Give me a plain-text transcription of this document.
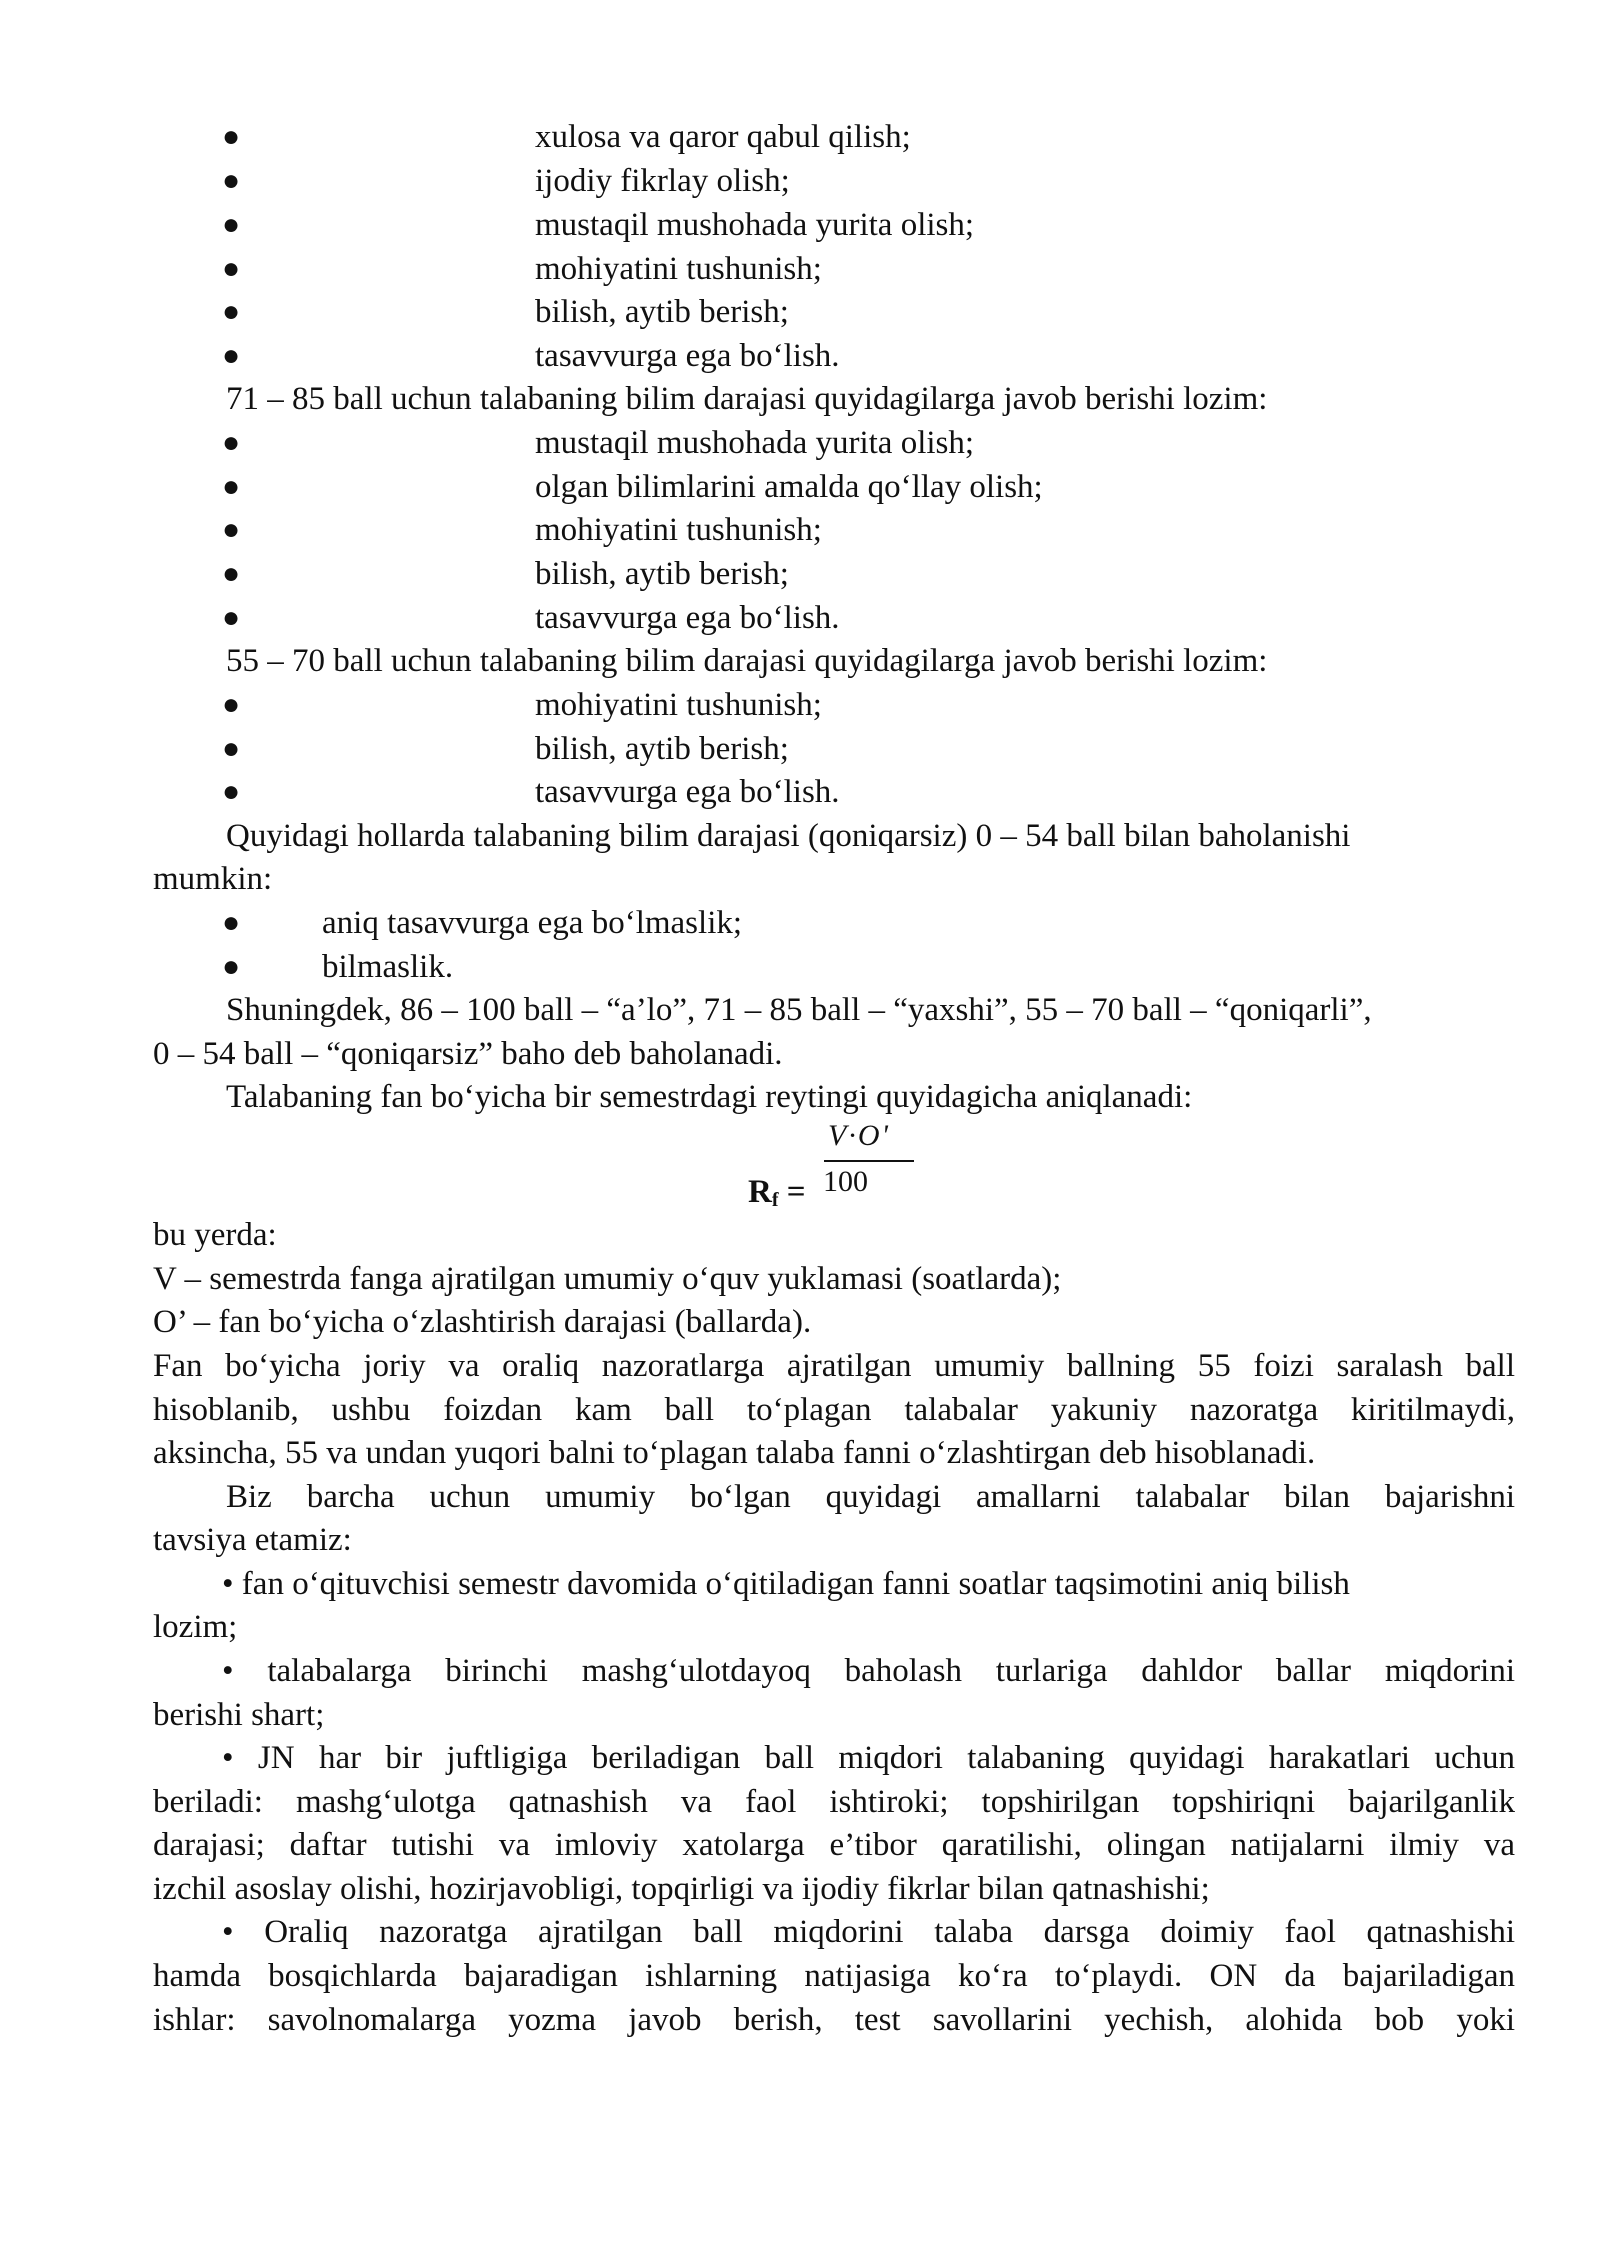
●	xulosa va qaror qabul qilish;
●	ijodiy fikrlay olish;
●	mustaqil mushohada yurita olish;
●	mohiyatini tushunish;
●	bilish, aytib berish;
●	tasavvurga ega bo‘lish.
71 – 85 ball uchun talabaning bilim darajasi quyidagilarga javob berishi lozim:
●	mustaqil mushohada yurita olish;
●	olgan bilimlarini amalda qo‘llay olish;
●	mohiyatini tushunish;
●	bilish, aytib berish;
●	tasavvurga ega bo‘lish.
55 – 70 ball uchun talabaning bilim darajasi quyidagilarga javob berishi lozim:
●	mohiyatini tushunish;
●	bilish, aytib berish;
●	tasavvurga ega bo‘lish.
Quyidagi hollarda talabaning bilim darajasi (qoniqarsiz) 0 – 54 ball bilan baholanishi
mumkin:
● aniq tasavvurga ega bo‘lmaslik;
● bilmaslik.
Shuningdek, 86 – 100 ball – “a’lo”, 71 – 85 ball – “yaxshi”, 55 – 70 ball – “qoniqarli”,
0 – 54 ball – “qoniqarsiz” baho deb baholanadi.
Talabaning fan bo‘yicha bir semestrdagi reytingi quyidagicha aniqlanadi:
V·O'
100
$R_f$ =
bu yerda:
V – semestrda fanga ajratilgan umumiy o‘quv yuklamasi (soatlarda);
O’ – fan bo‘yicha o‘zlashtirish darajasi (ballarda).
Fan bo‘yicha joriy va oraliq nazoratlarga ajratilgan umumiy ballning 55 foizi saralash ball
hisoblanib, ushbu foizdan kam ball to‘plagan talabalar yakuniy nazoratga kiritilmaydi,
aksincha, 55 va undan yuqori balni to‘plagan talaba fanni o‘zlashtirgan deb hisoblanadi.
Biz barcha uchun umumiy bo‘lgan quyidagi amallarni talabalar bilan bajarishni
tavsiya etamiz:
• fan o‘qituvchisi semestr davomida o‘qitiladigan fanni soatlar taqsimotini aniq bilish
lozim;
• talabalarga birinchi mashg‘ulotdayoq baholash turlariga dahldor ballar miqdorini
berishi shart;
• JN har bir juftligiga beriladigan ball miqdori talabaning quyidagi harakatlari uchun
beriladi: mashg‘ulotga qatnashish va faol ishtiroki; topshirilgan topshiriqni bajarilganlik
darajasi; daftar tutishi va imloviy xatolarga e’tibor qaratilishi, olingan natijalarni ilmiy va
izchil asoslay olishi, hozirjavobligi, topqirligi va ijodiy fikrlar bilan qatnashishi;
• Oraliq nazoratga ajratilgan ball miqdorini talaba darsga doimiy faol qatnashishi
hamda bosqichlarda bajaradigan ishlarning natijasiga ko‘ra to‘playdi. ON da bajariladigan
ishlar: savolnomalarga yozma javob berish, test savollarini yechish, alohida bob yoki
